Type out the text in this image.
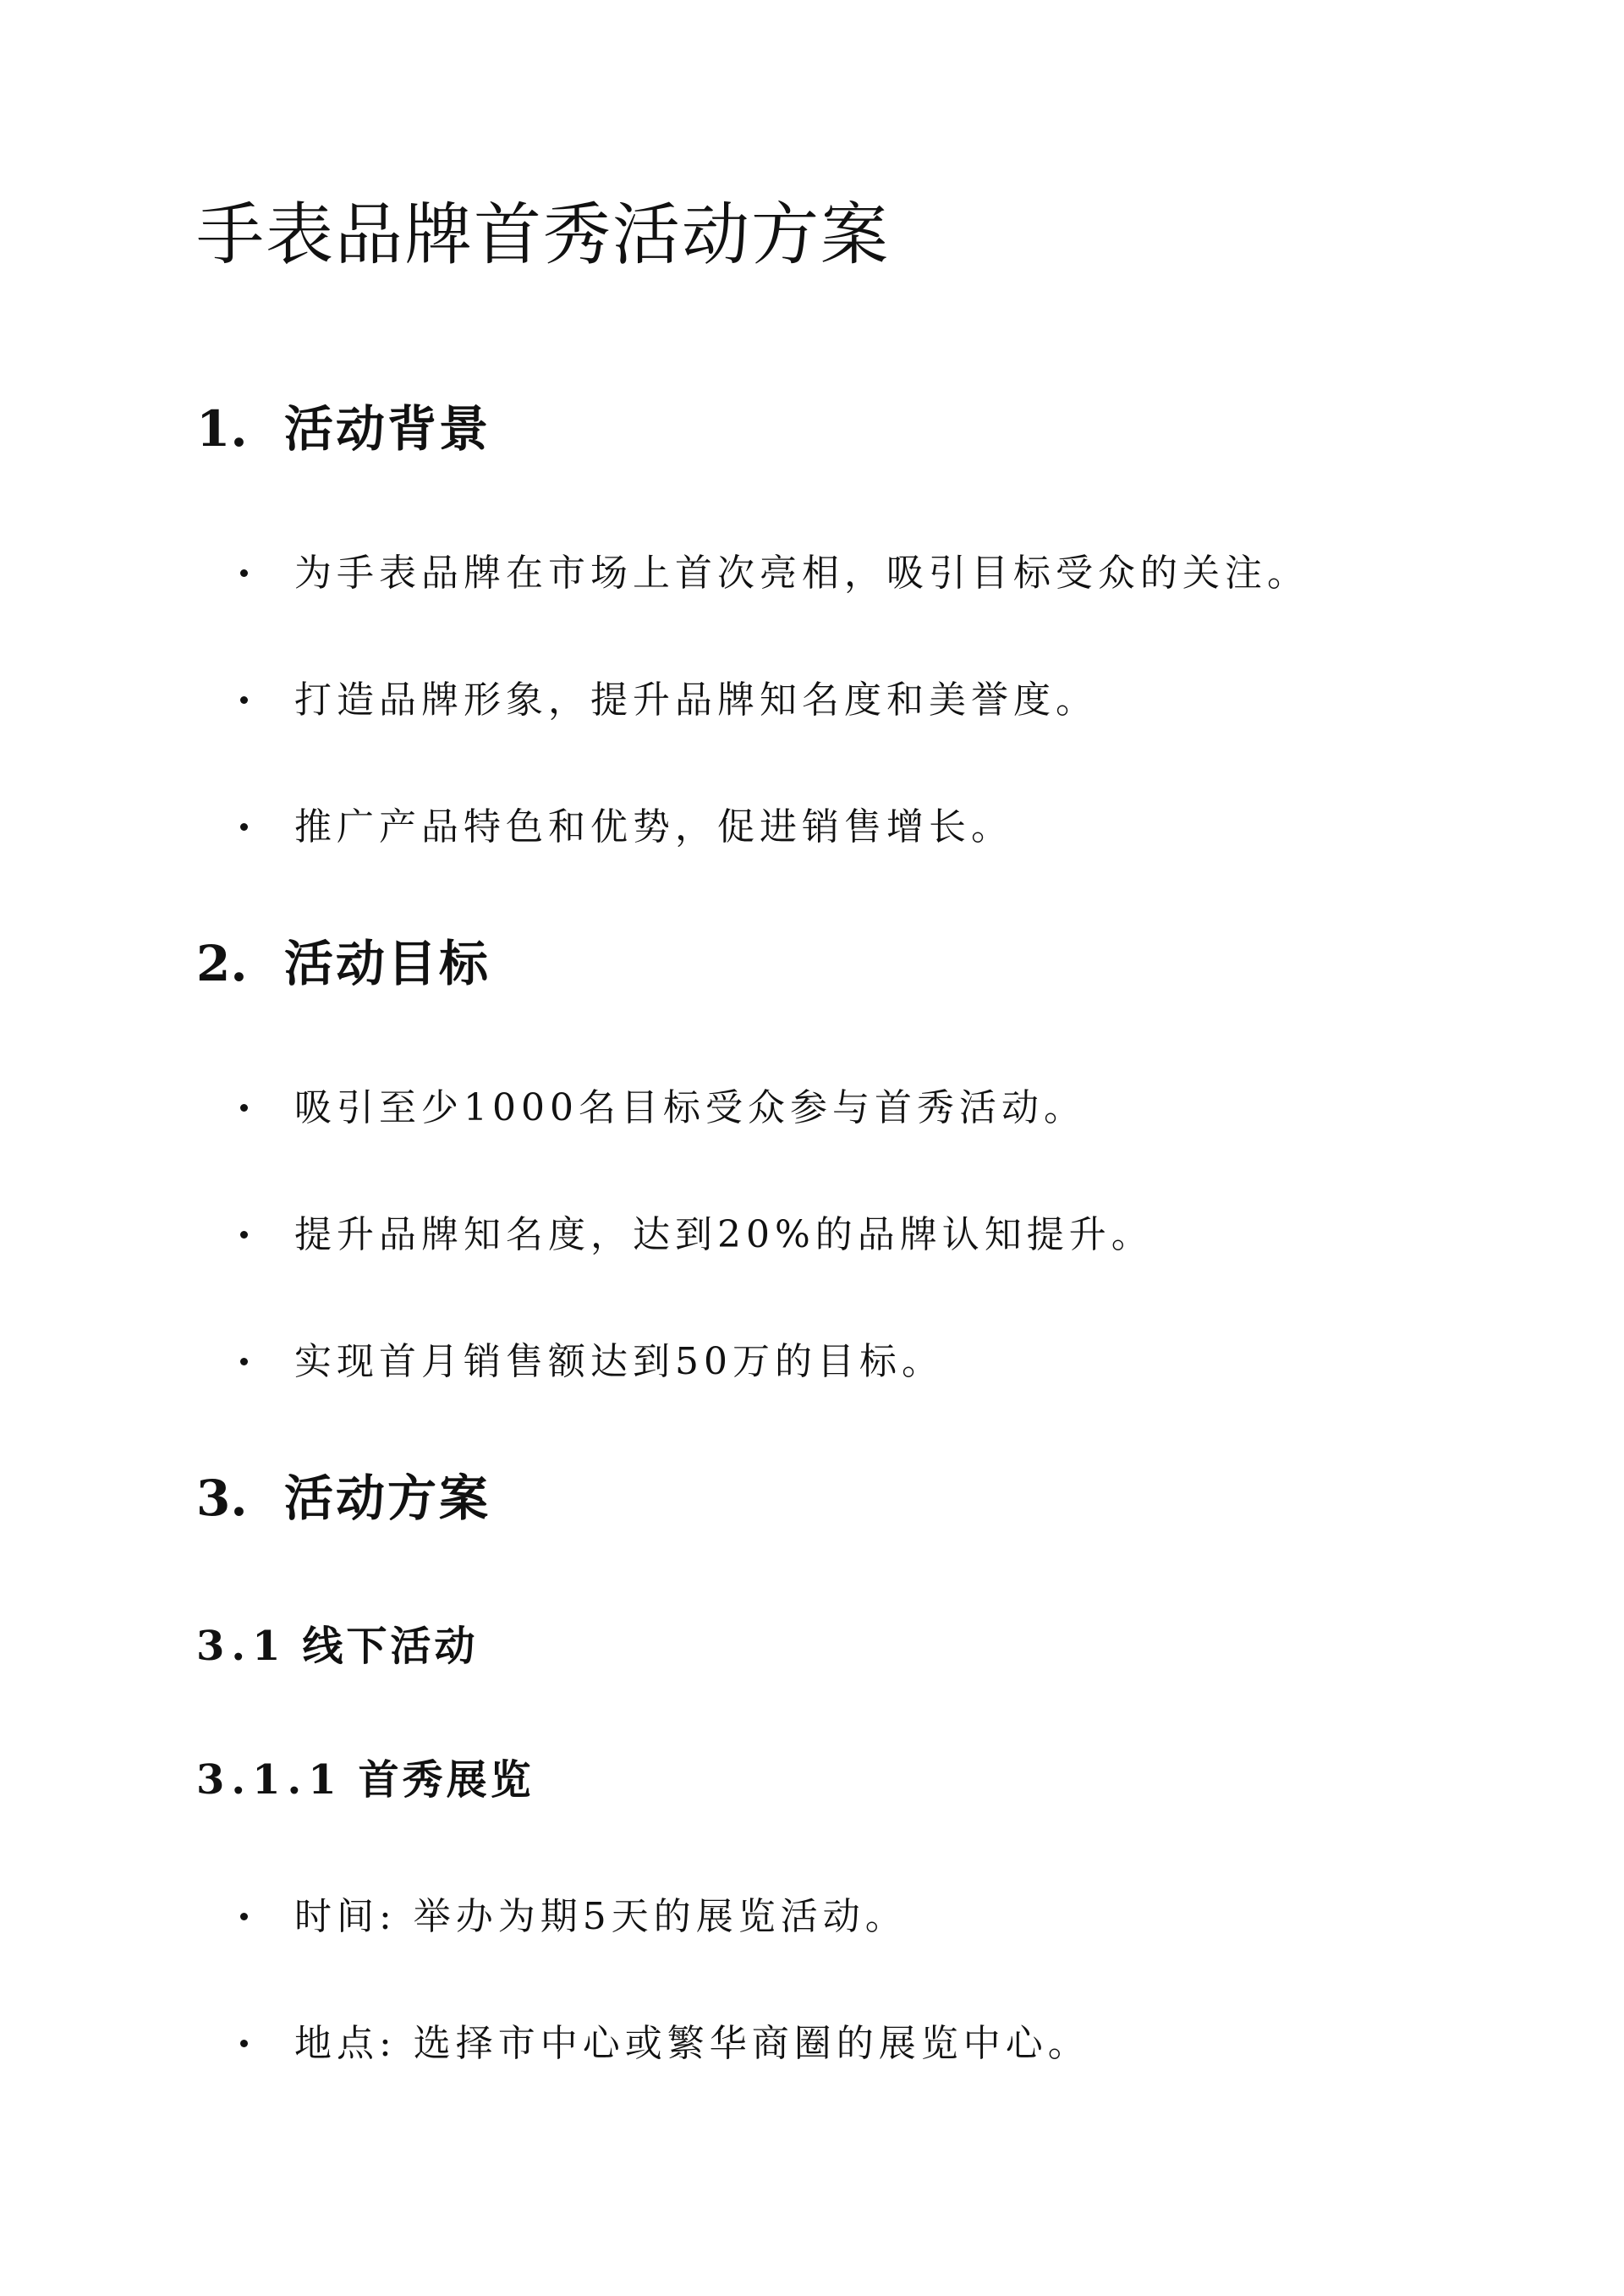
手表品牌首秀活动方案
1. 活动背景
为手表品牌在市场上首次亮相，吸引目标受众的关注。
打造品牌形象，提升品牌知名度和美誉度。
推广产品特色和优势，促进销售增长。
2. 活动目标
吸引至少1000名目标受众参与首秀活动。
提升品牌知名度，达到20%的品牌认知提升。
实现首月销售额达到50万的目标。
3. 活动方案
3.1 线下活动
3.1.1 首秀展览
时间: 举办为期5天的展览活动。
地点: 选择市中心或繁华商圈的展览中心。
